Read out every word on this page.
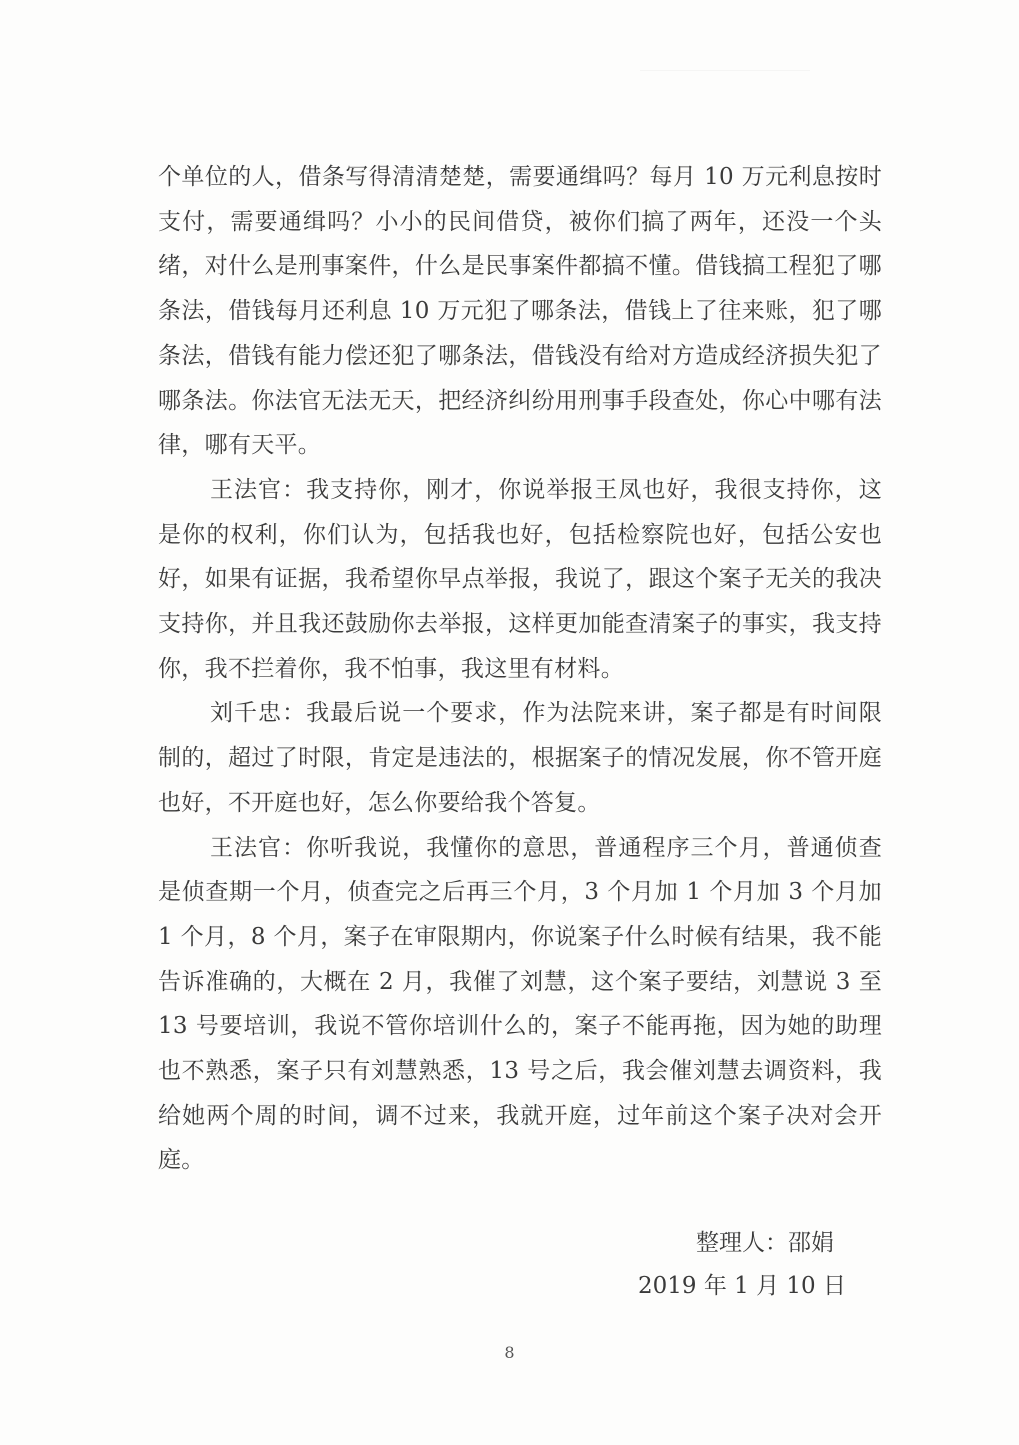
个单位的人，借条写得清清楚楚，需要通缉吗？每月 10 万元利息按时支付，需要通缉吗？小小的民间借贷，被你们搞了两年，还没一个头绪，对什么是刑事案件，什么是民事案件都搞不懂。借钱搞工程犯了哪条法，借钱每月还利息 10 万元犯了哪条法，借钱上了往来账，犯了哪条法，借钱有能力偿还犯了哪条法，借钱没有给对方造成经济损失犯了哪条法。你法官无法无天，把经济纠纷用刑事手段查处，你心中哪有法律，哪有天平。

王法官：我支持你，刚才，你说举报王凤也好，我很支持你，这是你的权利，你们认为，包括我也好，包括检察院也好，包括公安也好，如果有证据，我希望你早点举报，我说了，跟这个案子无关的我决支持你，并且我还鼓励你去举报，这样更加能查清案子的事实，我支持你，我不拦着你，我不怕事，我这里有材料。

刘千忠：我最后说一个要求，作为法院来讲，案子都是有时间限制的，超过了时限，肯定是违法的，根据案子的情况发展，你不管开庭也好，不开庭也好，怎么你要给我个答复。

王法官：你听我说，我懂你的意思，普通程序三个月，普通侦查是侦查期一个月，侦查完之后再三个月，3 个月加 1 个月加 3 个月加 1 个月，8 个月，案子在审限期内，你说案子什么时候有结果，我不能告诉准确的，大概在 2 月，我催了刘慧，这个案子要结，刘慧说 3 至 13 号要培训，我说不管你培训什么的，案子不能再拖，因为她的助理也不熟悉，案子只有刘慧熟悉，13 号之后，我会催刘慧去调资料，我给她两个周的时间，调不过来，我就开庭，过年前这个案子决对会开庭。

整理人：邵娟
2019 年 1 月 10 日
8
